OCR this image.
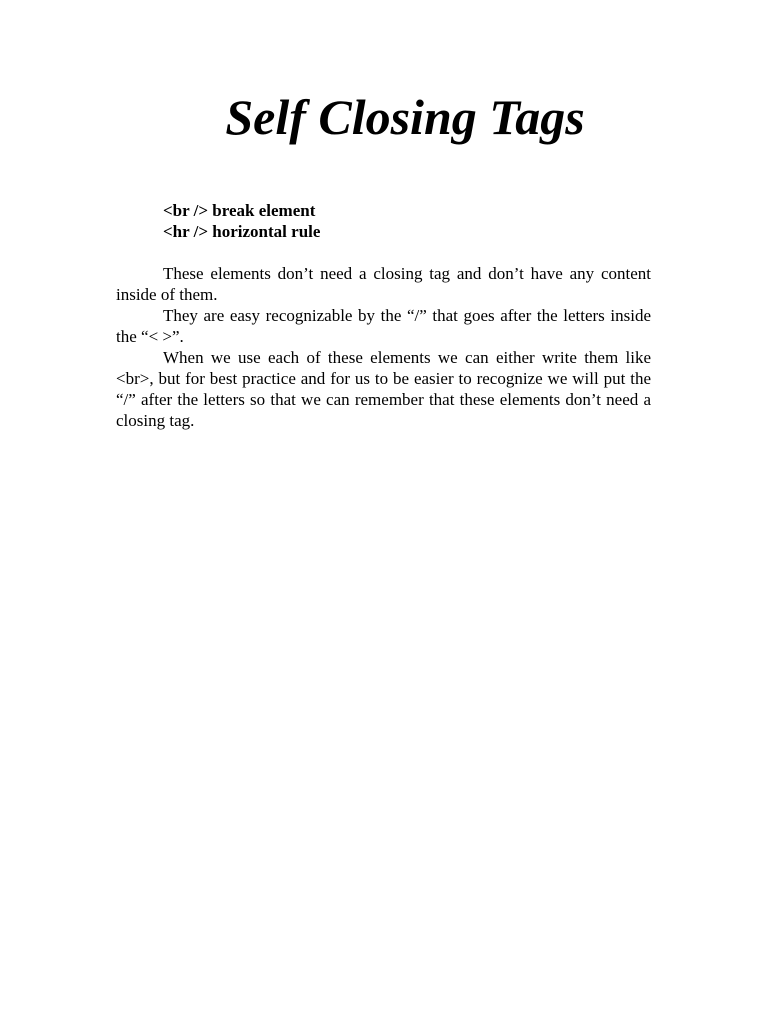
Self Closing Tags
<br /> break element
<hr /> horizontal rule

These elements don’t need a closing tag and don’t have any content inside of them.

They are easy recognizable by the “/” that goes after the letters inside the “< >”.

When we use each of these elements we can either write them like <br>, but for best practice and for us to be easier to recognize we will put the “/” after the letters so that we can remember that these elements don’t need a closing tag.
